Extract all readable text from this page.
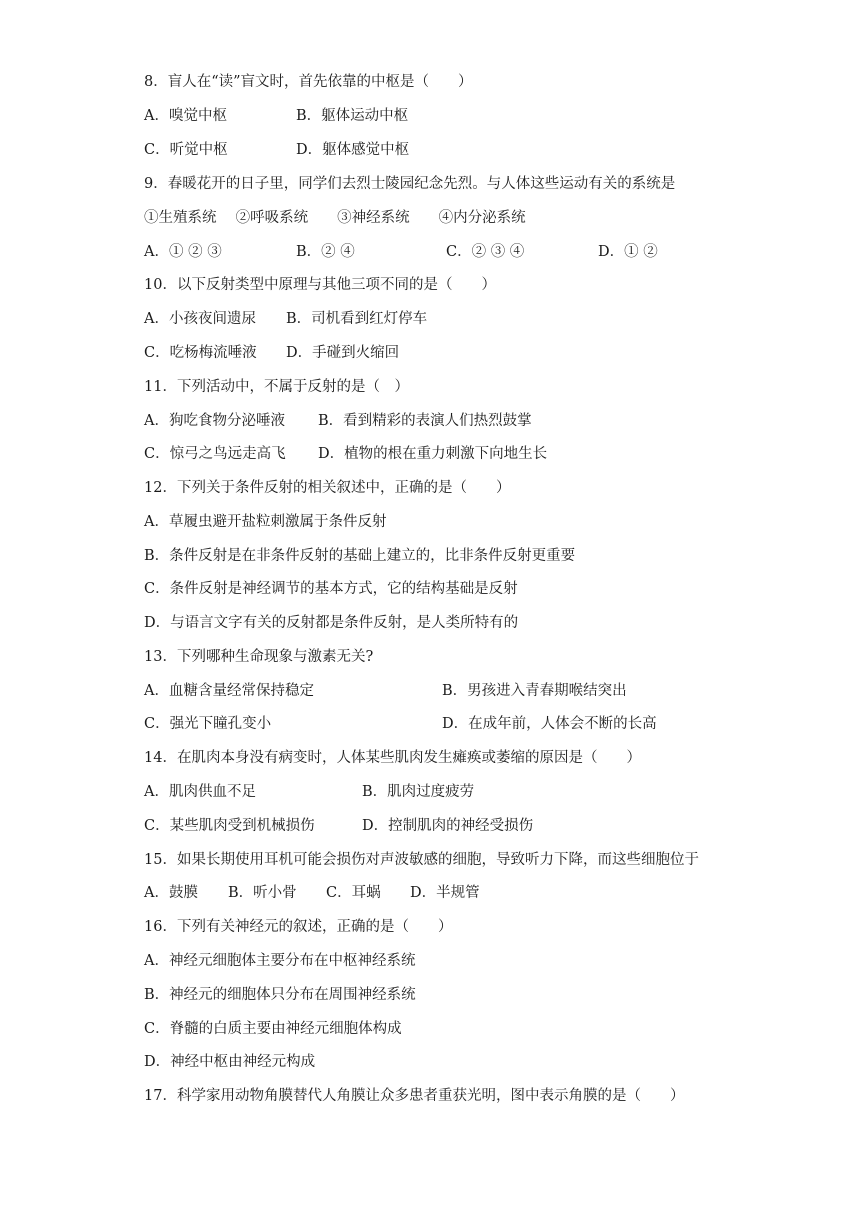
8．盲人在“读”盲文时，首先依靠的中枢是（　　）
A．嗅觉中枢	B．躯体运动中枢
C．听觉中枢	D．躯体感觉中枢
9．春暖花开的日子里，同学们去烈士陵园纪念先烈。与人体这些运动有关的系统是
①生殖系统　 ②呼吸系统　　③神经系统　　④内分泌系统
A．① ② ③	B．② ④	C．② ③ ④	D．① ②
10．以下反射类型中原理与其他三项不同的是（　　）
A．小孩夜间遗尿 B．司机看到红灯停车
C．吃杨梅流唾液 D．手碰到火缩回
11．下列活动中，不属于反射的是（　）
A．狗吃食物分泌唾液 B．看到精彩的表演人们热烈鼓掌
C．惊弓之鸟远走高飞 D．植物的根在重力刺激下向地生长
12．下列关于条件反射的相关叙述中，正确的是（　　）
A．草履虫避开盐粒刺激属于条件反射
B．条件反射是在非条件反射的基础上建立的，比非条件反射更重要
C．条件反射是神经调节的基本方式，它的结构基础是反射
D．与语言文字有关的反射都是条件反射，是人类所特有的
13．下列哪种生命现象与激素无关?
A．血糖含量经常保持稳定	B．男孩进入青春期喉结突出
C．强光下瞳孔变小	D．在成年前，人体会不断的长高
14．在肌肉本身没有病变时，人体某些肌肉发生瘫痪或萎缩的原因是（　　）
A．肌肉供血不足	B．肌肉过度疲劳
C．某些肌肉受到机械损伤	D．控制肌肉的神经受损伤
15．如果长期使用耳机可能会损伤对声波敏感的细胞，导致听力下降，而这些细胞位于
A．鼓膜 B．听小骨 C．耳蜗 D．半规管
16．下列有关神经元的叙述，正确的是（　　）
A．神经元细胞体主要分布在中枢神经系统
B．神经元的细胞体只分布在周围神经系统
C．脊髓的白质主要由神经元细胞体构成
D．神经中枢由神经元构成
17．科学家用动物角膜替代人角膜让众多患者重获光明，图中表示角膜的是（　　）
